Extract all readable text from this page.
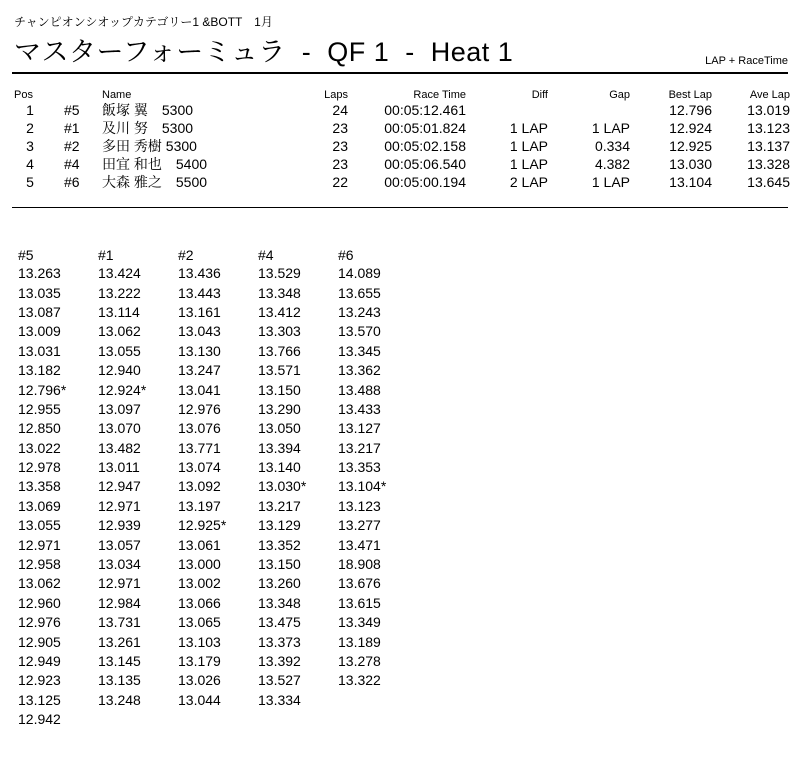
チャンピオンシオップカテゴリー1 &BOTT　1月
マスターフォーミュラ  -  QF 1  -  Heat 1	LAP + RaceTime
Pos		Name	Laps	Race Time	Diff	Gap	Best Lap	Ave Lap
1	#5	飯塚 翼　5300	24	00:05:12.461			12.796	13.019
2	#1	及川 努　5300	23	00:05:01.824	1 LAP	1 LAP	12.924	13.123
3	#2	多田 秀樹 5300	23	00:05:02.158	1 LAP	0.334	12.925	13.137
4	#4	田宜 和也　5400	23	00:05:06.540	1 LAP	4.382	13.030	13.328
5	#6	大森 雅之　5500	22	00:05:00.194	2 LAP	1 LAP	13.104	13.645
#5	#1	#2	#4	#6
13.263	13.424	13.436	13.529	14.089
13.035	13.222	13.443	13.348	13.655
13.087	13.114	13.161	13.412	13.243
13.009	13.062	13.043	13.303	13.570
13.031	13.055	13.130	13.766	13.345
13.182	12.940	13.247	13.571	13.362
12.796*	12.924*	13.041	13.150	13.488
12.955	13.097	12.976	13.290	13.433
12.850	13.070	13.076	13.050	13.127
13.022	13.482	13.771	13.394	13.217
12.978	13.011	13.074	13.140	13.353
13.358	12.947	13.092	13.030*	13.104*
13.069	12.971	13.197	13.217	13.123
13.055	12.939	12.925*	13.129	13.277
12.971	13.057	13.061	13.352	13.471
12.958	13.034	13.000	13.150	18.908
13.062	12.971	13.002	13.260	13.676
12.960	12.984	13.066	13.348	13.615
12.976	13.731	13.065	13.475	13.349
12.905	13.261	13.103	13.373	13.189
12.949	13.145	13.179	13.392	13.278
12.923	13.135	13.026	13.527	13.322
13.125	13.248	13.044	13.334	
12.942				
